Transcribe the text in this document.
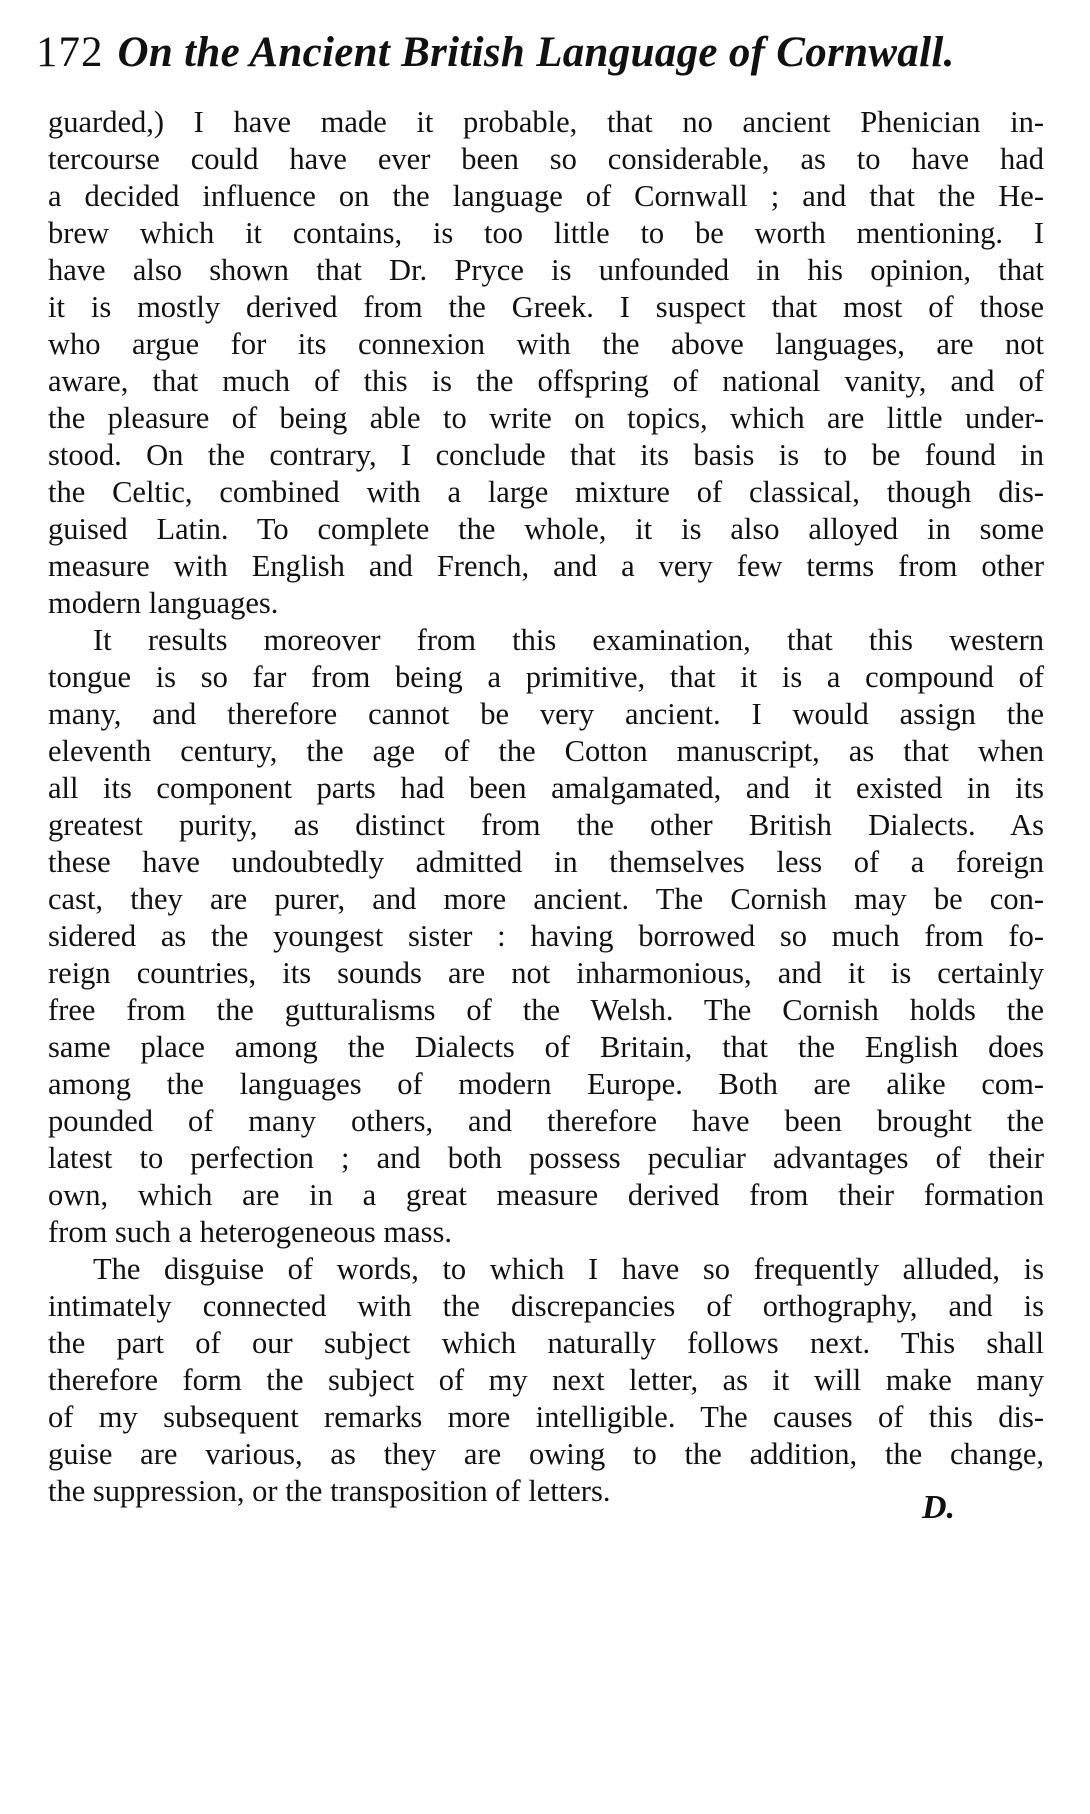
172 On the Ancient British Language of Cornwall.
guarded,) I have made it probable, that no ancient Phenician in-
tercourse could have ever been so considerable, as to have had
a decided influence on the language of Cornwall ; and that the He-
brew which it contains, is too little to be worth mentioning. I
have also shown that Dr. Pryce is unfounded in his opinion, that
it is mostly derived from the Greek. I suspect that most of those
who argue for its connexion with the above languages, are not
aware, that much of this is the offspring of national vanity, and of
the pleasure of being able to write on topics, which are little under-
stood. On the contrary, I conclude that its basis is to be found in
the Celtic, combined with a large mixture of classical, though dis-
guised Latin. To complete the whole, it is also alloyed in some
measure with English and French, and a very few terms from other
modern languages.
It results moreover from this examination, that this western
tongue is so far from being a primitive, that it is a compound of
many, and therefore cannot be very ancient. I would assign the
eleventh century, the age of the Cotton manuscript, as that when
all its component parts had been amalgamated, and it existed in its
greatest purity, as distinct from the other British Dialects. As
these have undoubtedly admitted in themselves less of a foreign
cast, they are purer, and more ancient. The Cornish may be con-
sidered as the youngest sister : having borrowed so much from fo-
reign countries, its sounds are not inharmonious, and it is certainly
free from the gutturalisms of the Welsh. The Cornish holds the
same place among the Dialects of Britain, that the English does
among the languages of modern Europe. Both are alike com-
pounded of many others, and therefore have been brought the
latest to perfection ; and both possess peculiar advantages of their
own, which are in a great measure derived from their formation
from such a heterogeneous mass.
The disguise of words, to which I have so frequently alluded, is
intimately connected with the discrepancies of orthography, and is
the part of our subject which naturally follows next. This shall
therefore form the subject of my next letter, as it will make many
of my subsequent remarks more intelligible. The causes of this dis-
guise are various, as they are owing to the addition, the change,
the suppression, or the transposition of letters.	D.
